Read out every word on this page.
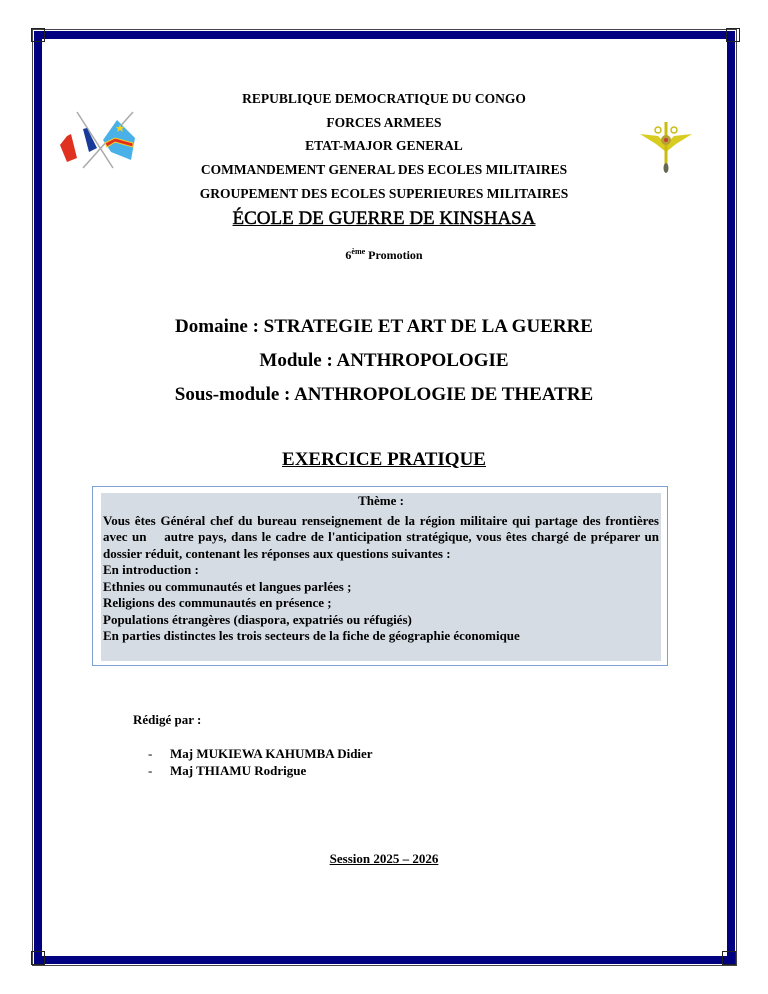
REPUBLIQUE DEMOCRATIQUE DU CONGO
FORCES ARMEES
ETAT-MAJOR GENERAL
COMMANDEMENT GENERAL DES ECOLES MILITAIRES
GROUPEMENT DES ECOLES SUPERIEURES MILITAIRES
ÉCOLE DE GUERRE DE KINSHASA
6ème Promotion
Domaine : STRATEGIE ET ART DE LA GUERRE
Module : ANTHROPOLOGIE
Sous-module : ANTHROPOLOGIE DE THEATRE
EXERCICE PRATIQUE
Thème :
Vous êtes Général chef du bureau renseignement de la région militaire qui partage des frontières avec un    autre pays, dans le cadre de l'anticipation stratégique, vous êtes chargé de préparer un dossier réduit, contenant les réponses aux questions suivantes :
En introduction :
Ethnies ou communautés et langues parlées ;
Religions des communautés en présence ;
Populations étrangères (diaspora, expatriés ou réfugiés)
En parties distinctes les trois secteurs de la fiche de géographie économique
Rédigé par :
- Maj MUKIEWA KAHUMBA Didier
- Maj THIAMU Rodrigue
Session 2025 – 2026
